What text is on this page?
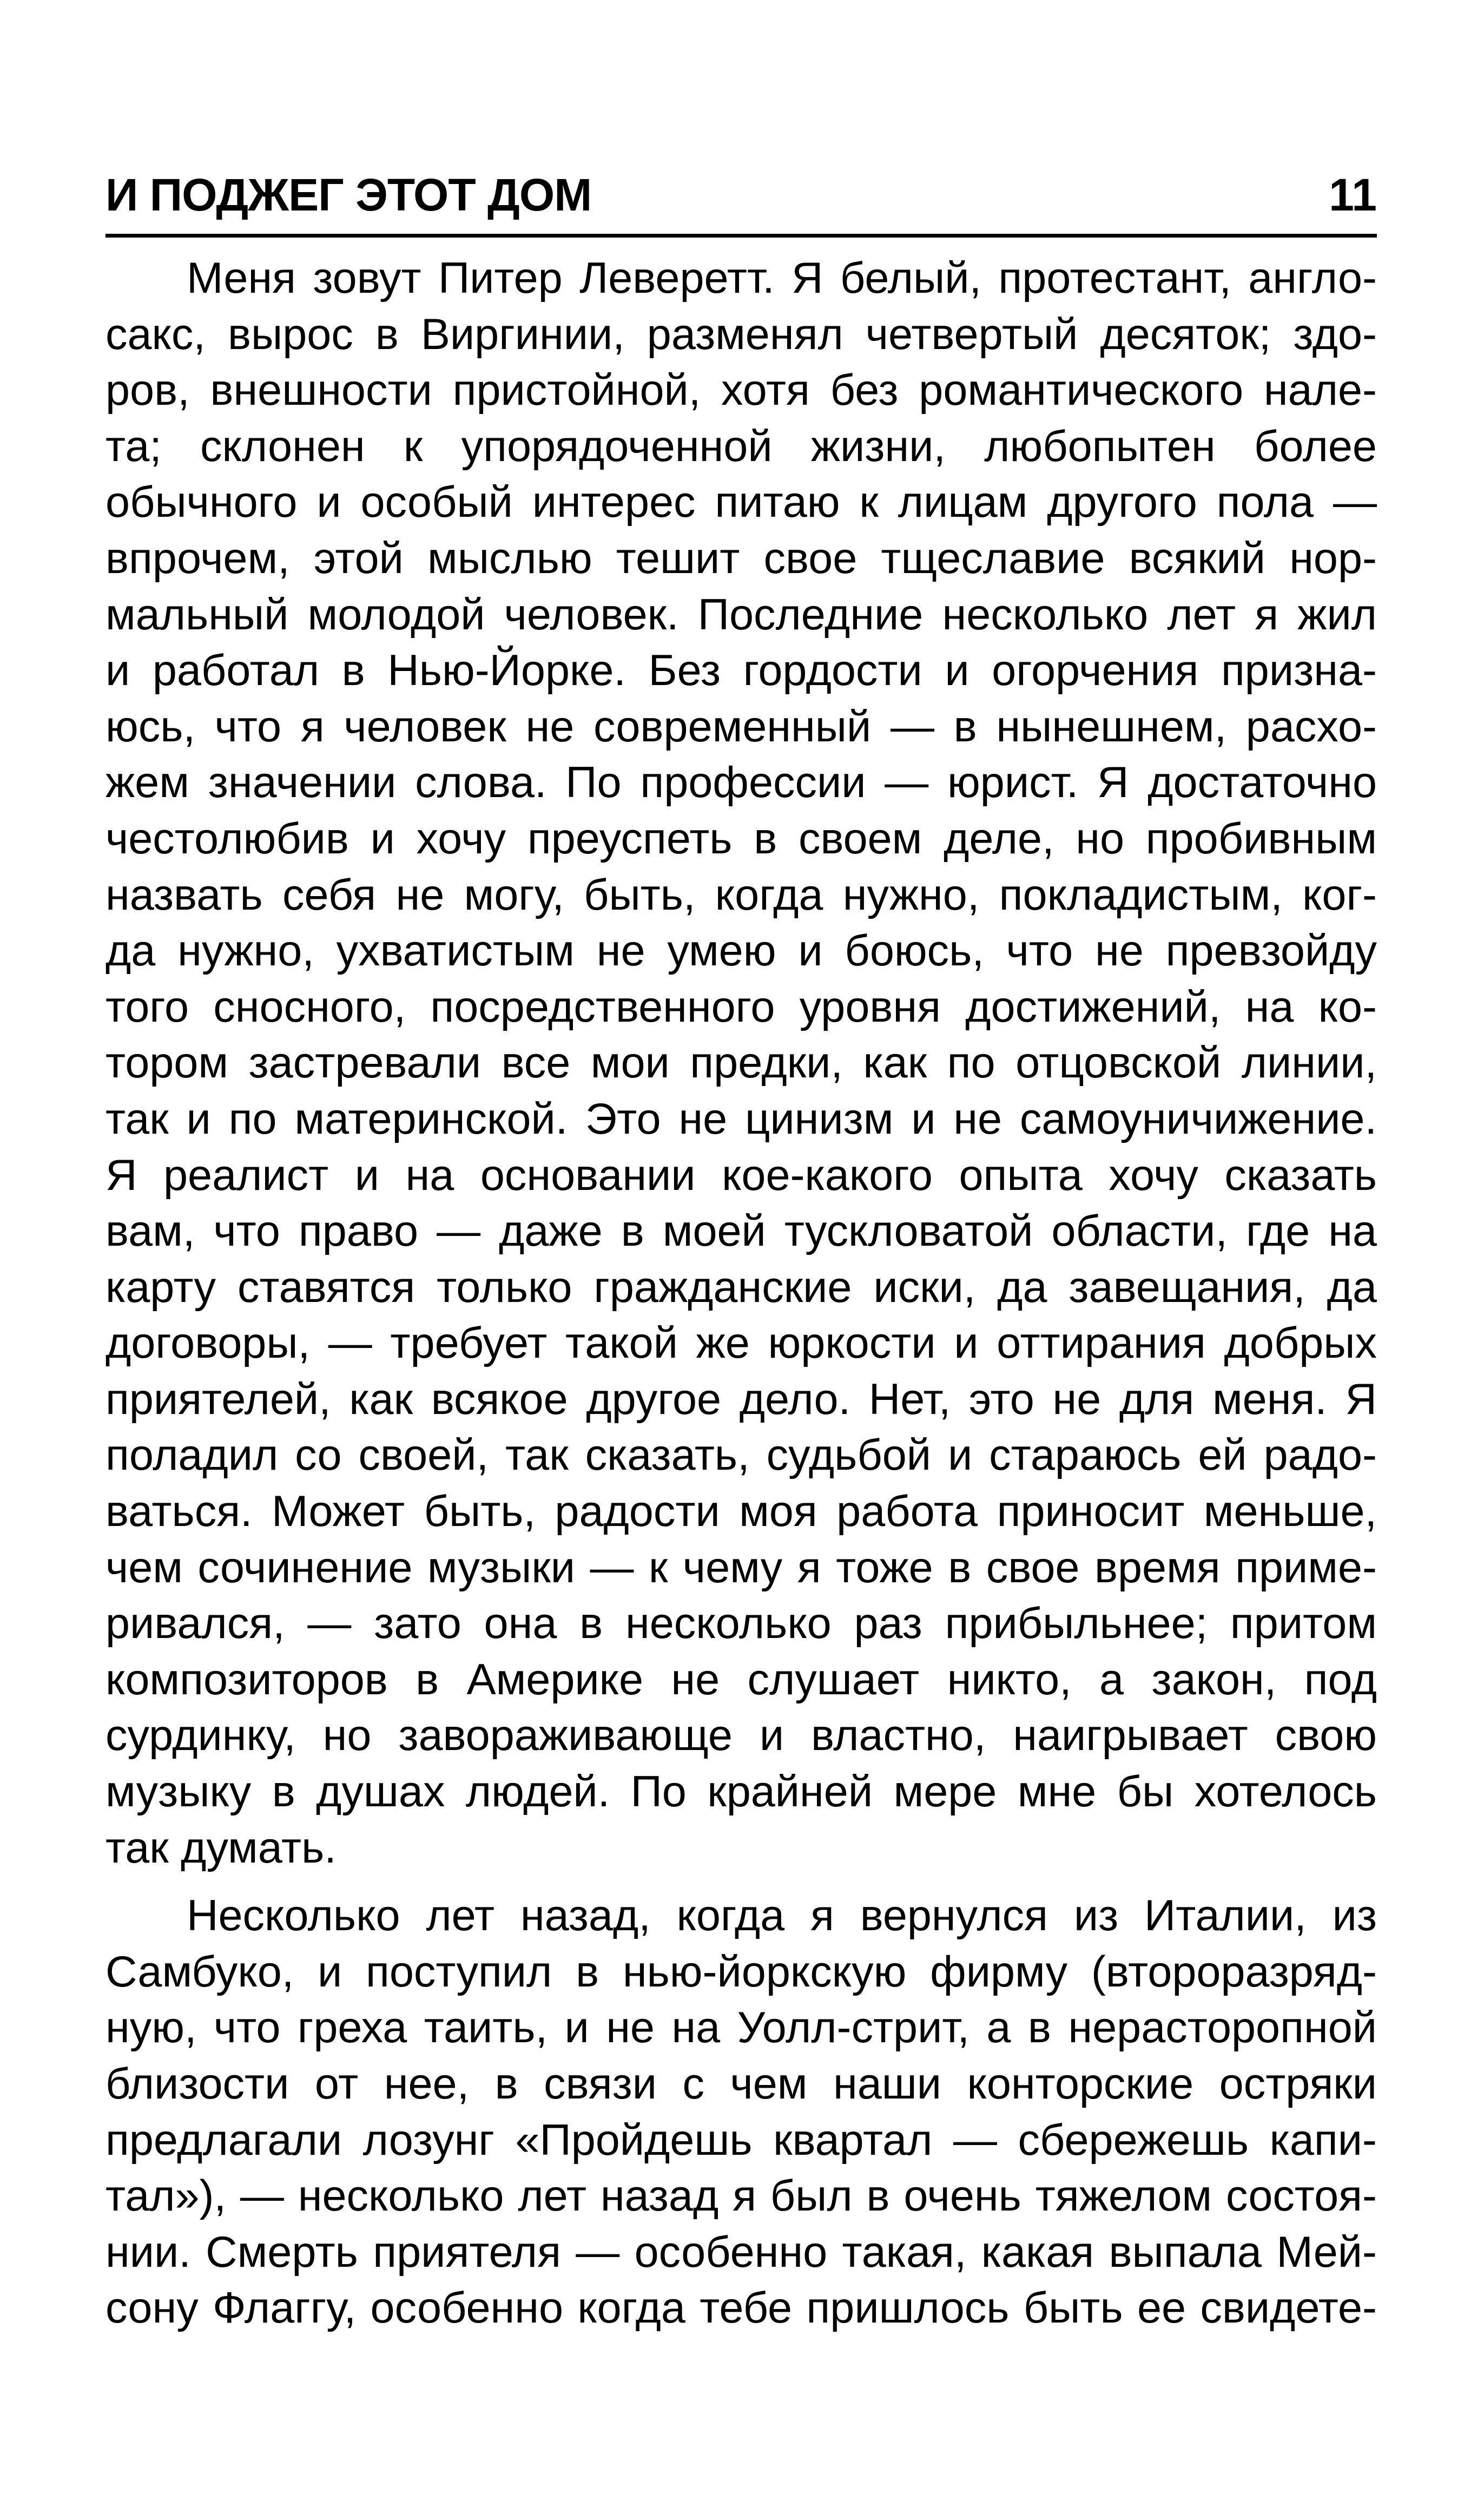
И ПОДЖЕГ ЭТОТ ДОМ	11
Меня зовут Питер Леверетт. Я белый, протестант, англо-
сакс, вырос в Виргинии, разменял четвертый десяток; здо-
ров, внешности пристойной, хотя без романтического нале-
та; склонен к упорядоченной жизни, любопытен более
обычного и особый интерес питаю к лицам другого пола —
впрочем, этой мыслью тешит свое тщеславие всякий нор-
мальный молодой человек. Последние несколько лет я жил
и работал в Нью-Йорке. Без гордости и огорчения призна-
юсь, что я человек не современный — в нынешнем, расхо-
жем значении слова. По профессии — юрист. Я достаточно
честолюбив и хочу преуспеть в своем деле, но пробивным
назвать себя не могу, быть, когда нужно, покладистым, ког-
да нужно, ухватистым не умею и боюсь, что не превзойду
того сносного, посредственного уровня достижений, на ко-
тором застревали все мои предки, как по отцовской линии,
так и по материнской. Это не цинизм и не самоуничижение.
Я реалист и на основании кое-какого опыта хочу сказать
вам, что право — даже в моей тускловатой области, где на
карту ставятся только гражданские иски, да завещания, да
договоры, — требует такой же юркости и оттирания добрых
приятелей, как всякое другое дело. Нет, это не для меня. Я
поладил со своей, так сказать, судьбой и стараюсь ей радо-
ваться. Может быть, радости моя работа приносит меньше,
чем сочинение музыки — к чему я тоже в свое время приме-
ривался, — зато она в несколько раз прибыльнее; притом
композиторов в Америке не слушает никто, а закон, под
сурдинку, но завораживающе и властно, наигрывает свою
музыку в душах людей. По крайней мере мне бы хотелось
так думать.
Несколько лет назад, когда я вернулся из Италии, из
Самбуко, и поступил в нью-йоркскую фирму (второразряд-
ную, что греха таить, и не на Уолл-стрит, а в нерасторопной
близости от нее, в связи с чем наши конторские остряки
предлагали лозунг «Пройдешь квартал — сбережешь капи-
тал»), — несколько лет назад я был в очень тяжелом состоя-
нии. Смерть приятеля — особенно такая, какая выпала Мей-
сону Флаггу, особенно когда тебе пришлось быть ее свидете-
